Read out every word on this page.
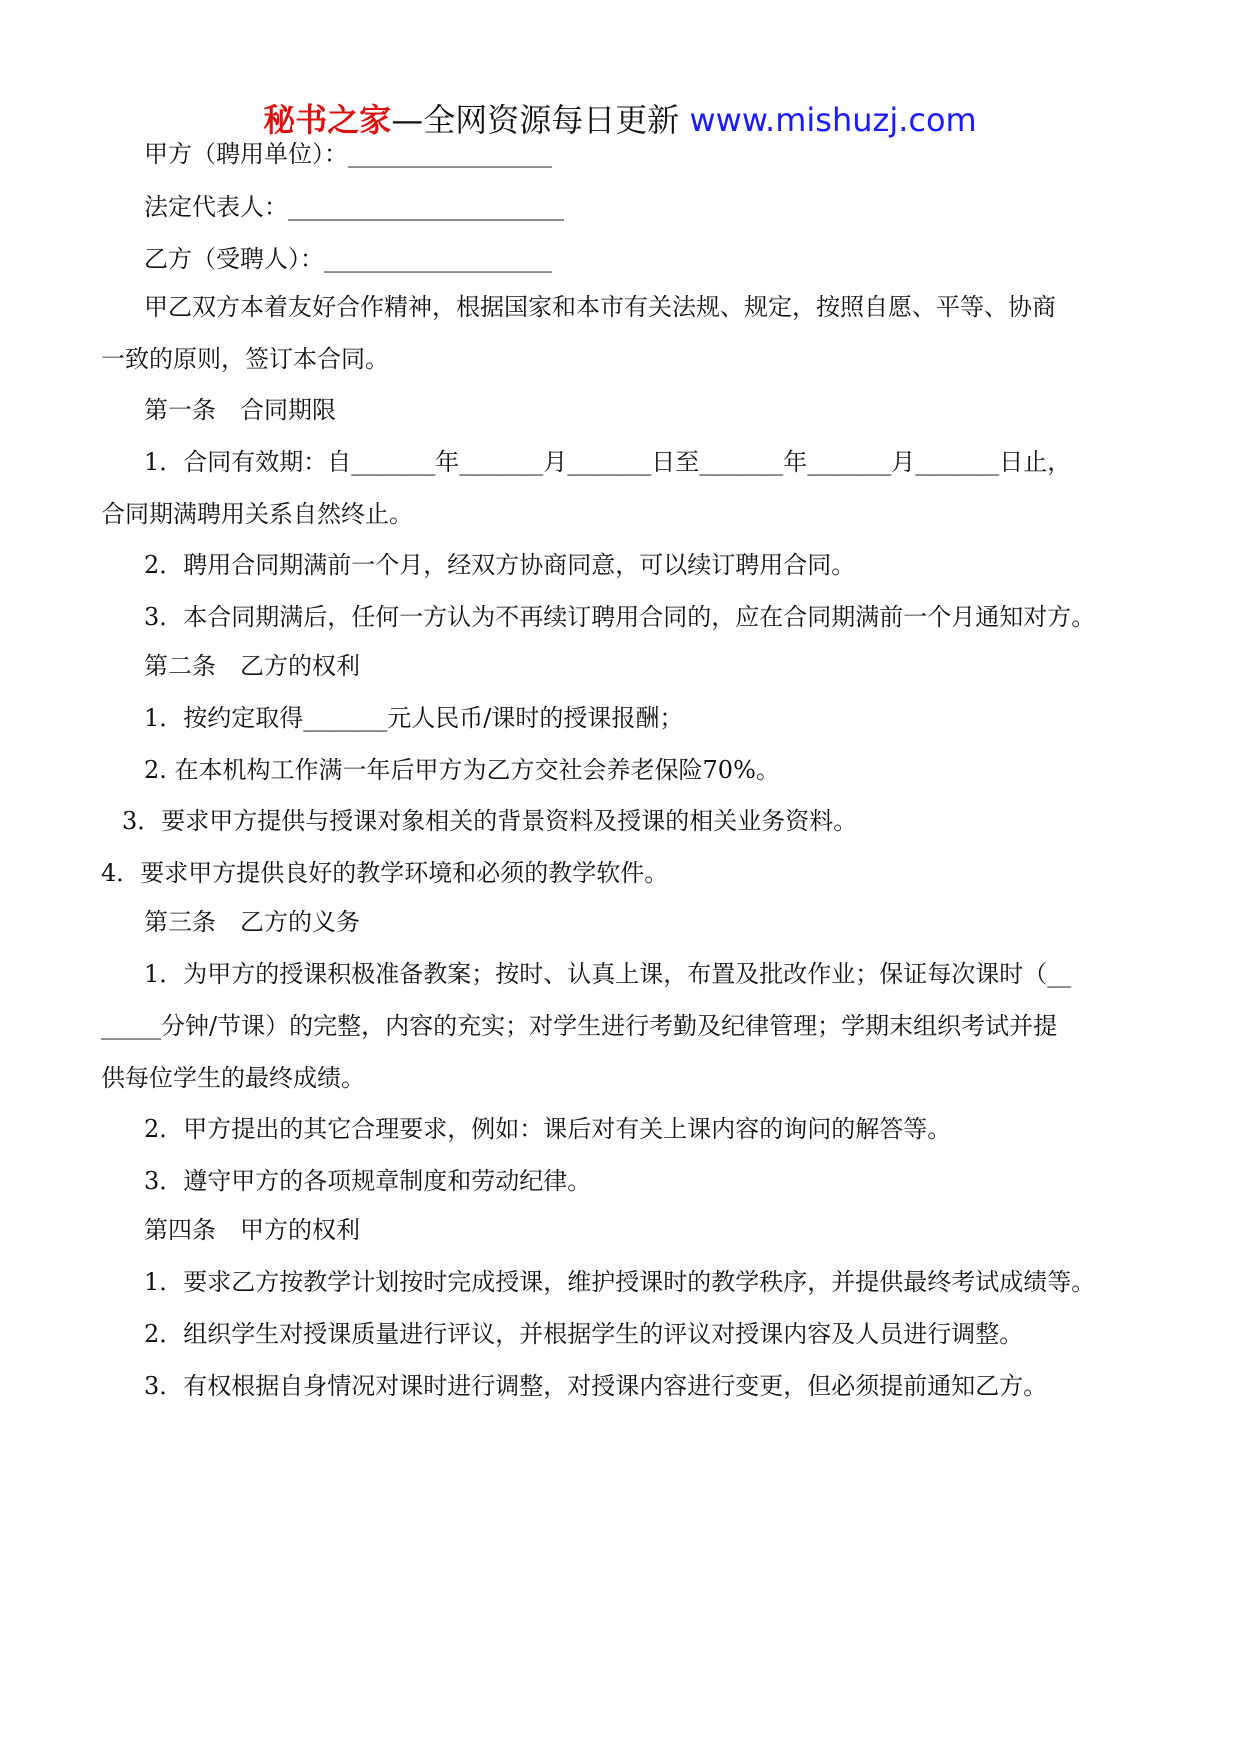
秘书之家—全网资源每日更新 www.mishuzj.com
甲方（聘用单位）：_________________
法定代表人：_______________________
乙方（受聘人）：___________________
甲乙双方本着友好合作精神，根据国家和本市有关法规、规定，按照自愿、平等、协商
一致的原则，签订本合同。
第一条　合同期限
1．合同有效期：自_______年_______月_______日至_______年_______月_______日止，
合同期满聘用关系自然终止。
2．聘用合同期满前一个月，经双方协商同意，可以续订聘用合同。
3．本合同期满后，任何一方认为不再续订聘用合同的，应在合同期满前一个月通知对方。
第二条　乙方的权利
1．按约定取得_______元人民币/课时的授课报酬；
2. 在本机构工作满一年后甲方为乙方交社会养老保险70%。
3．要求甲方提供与授课对象相关的背景资料及授课的相关业务资料。
4．要求甲方提供良好的教学环境和必须的教学软件。
第三条　乙方的义务
1．为甲方的授课积极准备教案；按时、认真上课，布置及批改作业；保证每次课时（__
_____分钟/节课）的完整，内容的充实；对学生进行考勤及纪律管理；学期末组织考试并提
供每位学生的最终成绩。
2．甲方提出的其它合理要求，例如：课后对有关上课内容的询问的解答等。
3．遵守甲方的各项规章制度和劳动纪律。
第四条　甲方的权利
1．要求乙方按教学计划按时完成授课，维护授课时的教学秩序，并提供最终考试成绩等。
2．组织学生对授课质量进行评议，并根据学生的评议对授课内容及人员进行调整。
3．有权根据自身情况对课时进行调整，对授课内容进行变更，但必须提前通知乙方。
